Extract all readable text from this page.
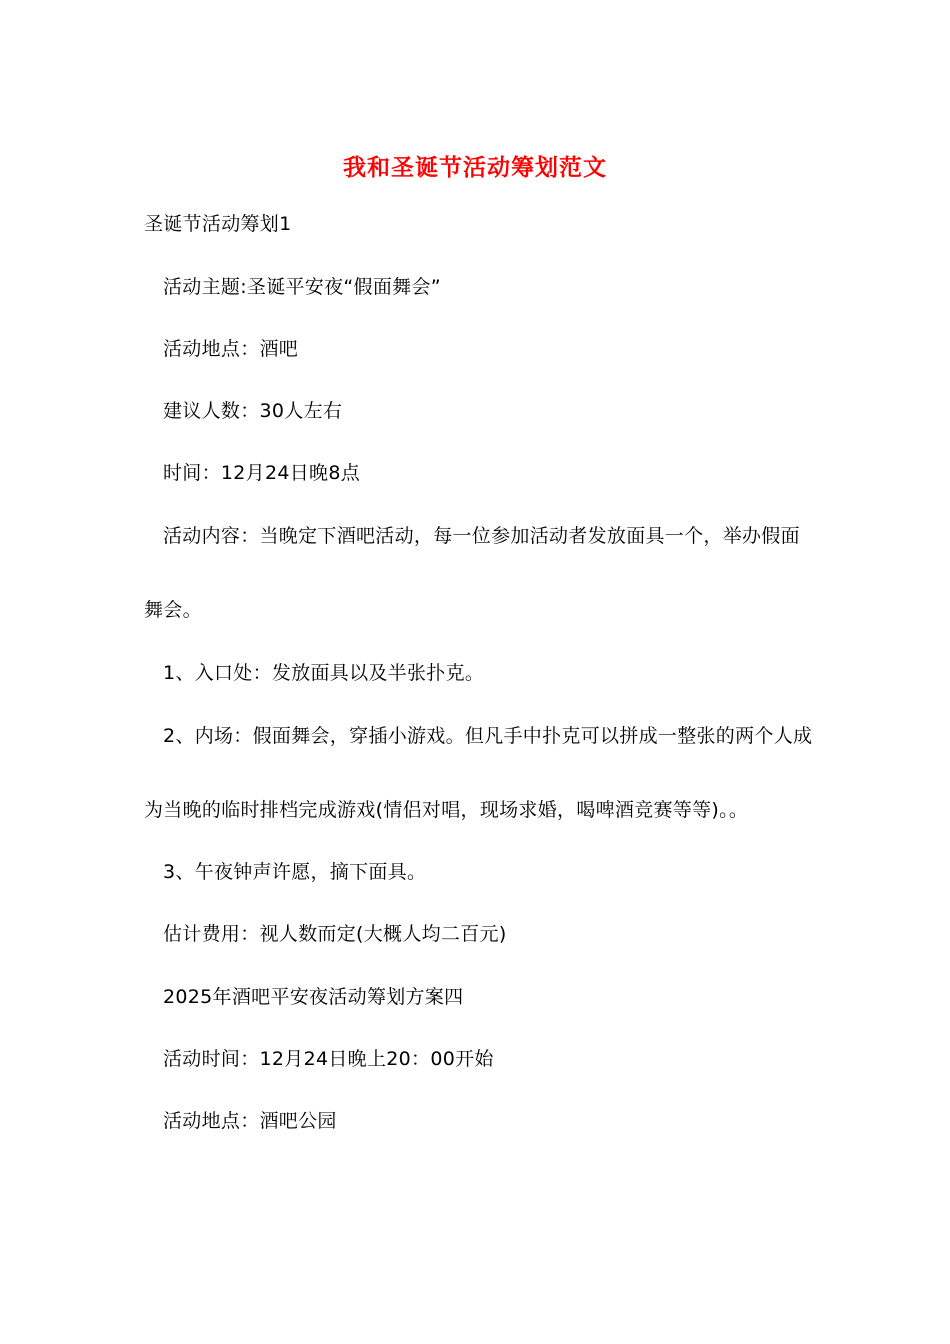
我和圣诞节活动筹划范文
圣诞节活动筹划1
活动主题:圣诞平安夜“假面舞会”
活动地点：酒吧
建议人数：30人左右
时间：12月24日晚8点
活动内容：当晚定下酒吧活动，每一位参加活动者发放面具一个，举办假面
舞会。
1、入口处：发放面具以及半张扑克。
2、内场：假面舞会，穿插小游戏。但凡手中扑克可以拼成一整张的两个人成
为当晚的临时排档完成游戏(情侣对唱，现场求婚，喝啤酒竞赛等等)。。
3、午夜钟声许愿，摘下面具。
估计费用：视人数而定(大概人均二百元)
2025年酒吧平安夜活动筹划方案四
活动时间：12月24日晚上20：00开始
活动地点：酒吧公园
